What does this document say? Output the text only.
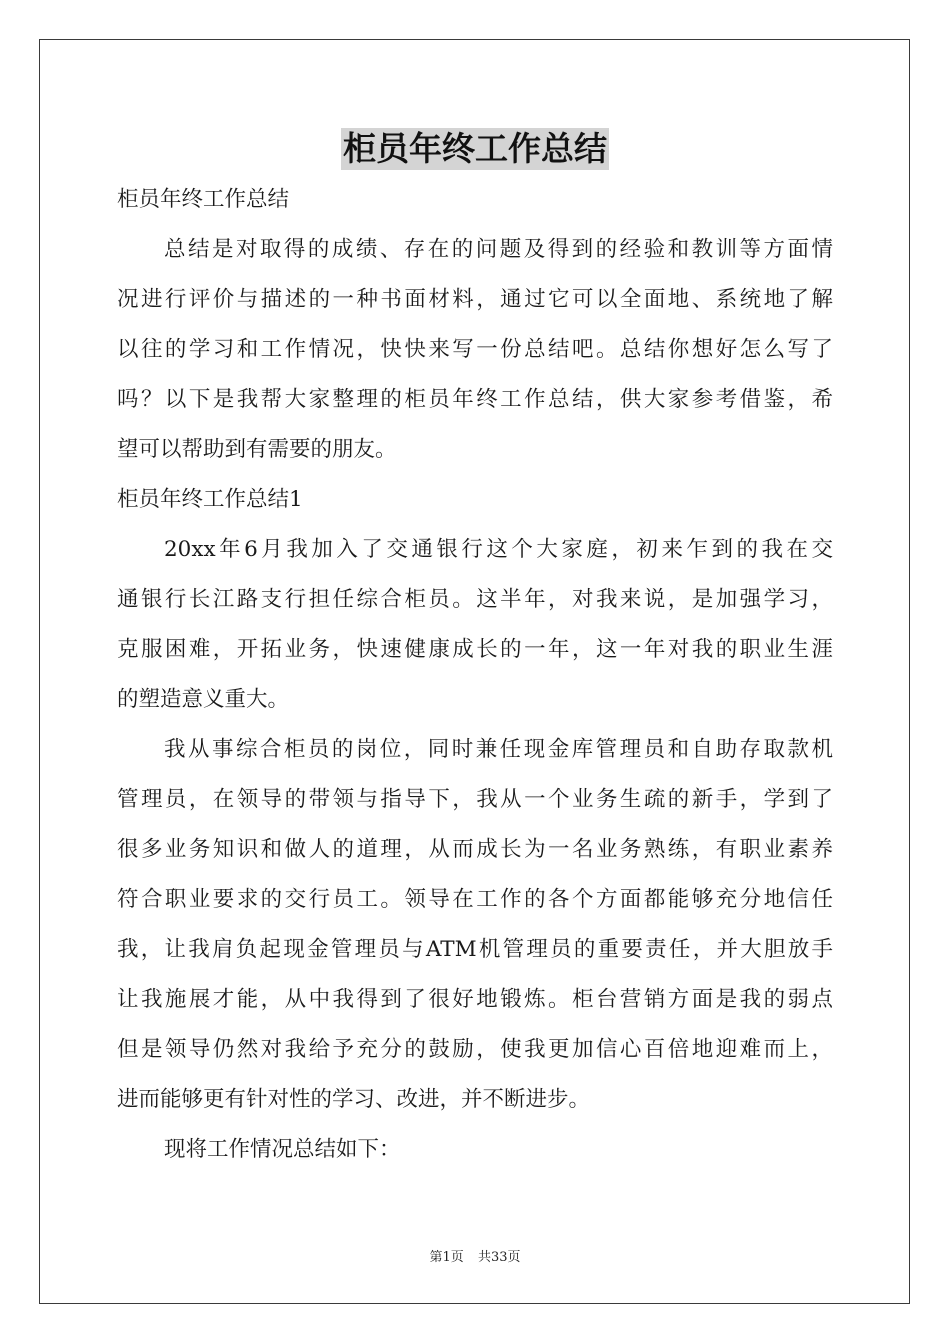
柜员年终工作总结
柜员年终工作总结
总结是对取得的成绩、存在的问题及得到的经验和教训等方面情
况进行评价与描述的一种书面材料，通过它可以全面地、系统地了解
以往的学习和工作情况，快快来写一份总结吧。总结你想好怎么写了
吗？以下是我帮大家整理的柜员年终工作总结，供大家参考借鉴，希
望可以帮助到有需要的朋友。
柜员年终工作总结1
20xx年6月我加入了交通银行这个大家庭，初来乍到的我在交
通银行长江路支行担任综合柜员。这半年，对我来说，是加强学习，
克服困难，开拓业务，快速健康成长的一年，这一年对我的职业生涯
的塑造意义重大。
我从事综合柜员的岗位，同时兼任现金库管理员和自助存取款机
管理员，在领导的带领与指导下，我从一个业务生疏的新手，学到了
很多业务知识和做人的道理，从而成长为一名业务熟练，有职业素养
符合职业要求的交行员工。领导在工作的各个方面都能够充分地信任
我，让我肩负起现金管理员与ATM机管理员的重要责任，并大胆放手
让我施展才能，从中我得到了很好地锻炼。柜台营销方面是我的弱点
但是领导仍然对我给予充分的鼓励，使我更加信心百倍地迎难而上，
进而能够更有针对性的学习、改进，并不断进步。
现将工作情况总结如下：
第1页 共33页
